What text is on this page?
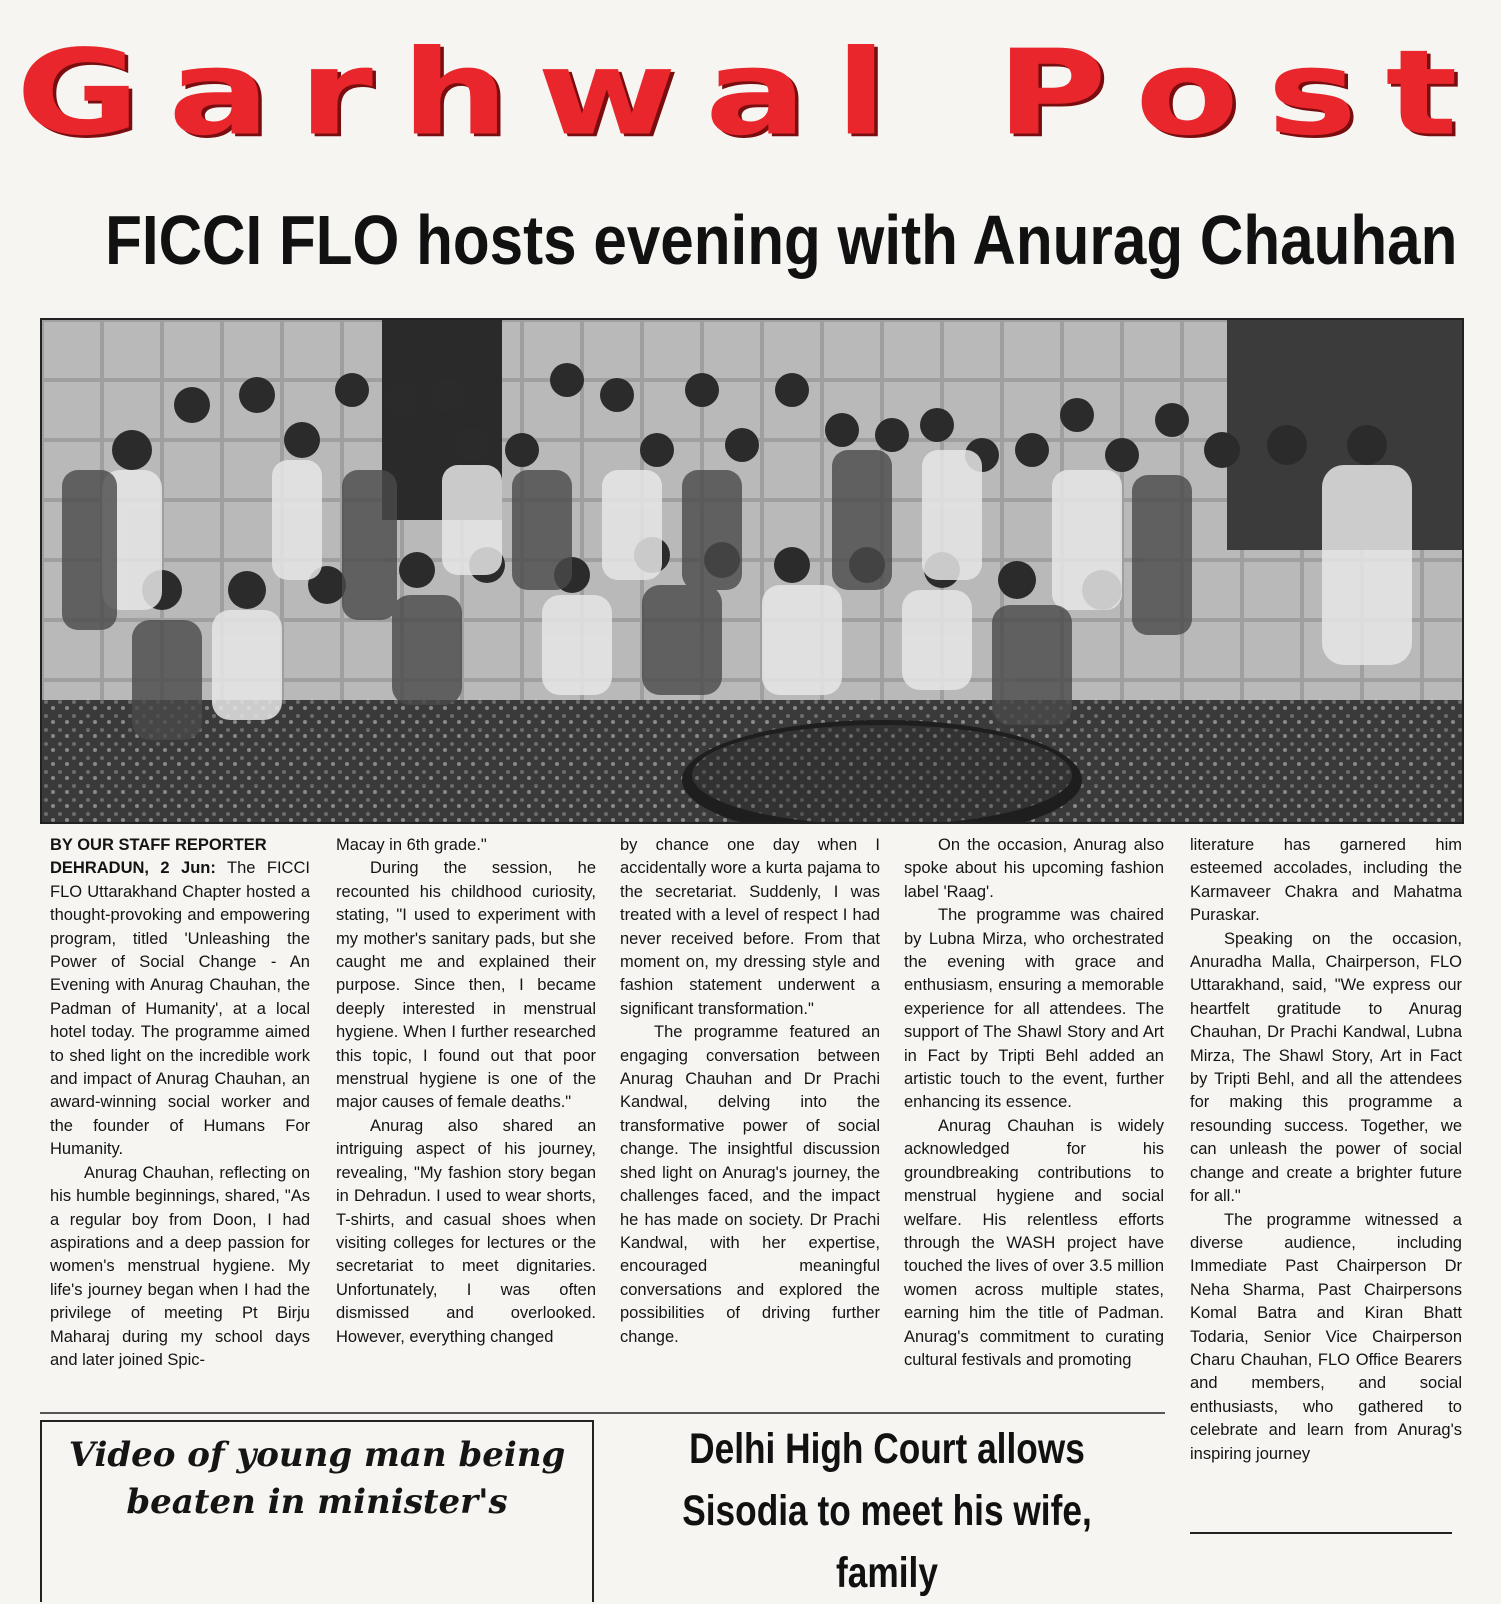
Garhwal Post
FICCI FLO hosts evening with Anurag Chauhan

BY OUR STAFF REPORTER
DEHRADUN, 2 Jun: The FICCI FLO Uttarakhand Chapter hosted a thought-provoking and empowering program, titled 'Unleashing the Power of Social Change - An Evening with Anurag Chauhan, the Padman of Humanity', at a local hotel today. The programme aimed to shed light on the incredible work and impact of Anurag Chauhan, an award-winning social worker and the founder of Humans For Humanity.

Anurag Chauhan, reflecting on his humble beginnings, shared, "As a regular boy from Doon, I had aspirations and a deep passion for women's menstrual hygiene. My life's journey began when I had the privilege of meeting Pt Birju Maharaj during my school days and later joined Spic-

Macay in 6th grade."

During the session, he recounted his childhood curiosity, stating, "I used to experiment with my mother's sanitary pads, but she caught me and explained their purpose. Since then, I became deeply interested in menstrual hygiene. When I further researched this topic, I found out that poor menstrual hygiene is one of the major causes of female deaths."

Anurag also shared an intriguing aspect of his journey, revealing, "My fashion story began in Dehradun. I used to wear shorts, T-shirts, and casual shoes when visiting colleges for lectures or the secretariat to meet dignitaries. Unfortunately, I was often dismissed and overlooked. However, everything changed

by chance one day when I accidentally wore a kurta pajama to the secretariat. Suddenly, I was treated with a level of respect I had never received before. From that moment on, my dressing style and fashion statement underwent a significant transformation."

The programme featured an engaging conversation between Anurag Chauhan and Dr Prachi Kandwal, delving into the transformative power of social change. The insightful discussion shed light on Anurag's journey, the challenges faced, and the impact he has made on society. Dr Prachi Kandwal, with her expertise, encouraged meaningful conversations and explored the possibilities of driving further change.

On the occasion, Anurag also spoke about his upcoming fashion label 'Raag'.

The programme was chaired by Lubna Mirza, who orchestrated the evening with grace and enthusiasm, ensuring a memorable experience for all attendees. The support of The Shawl Story and Art in Fact by Tripti Behl added an artistic touch to the event, further enhancing its essence.

Anurag Chauhan is widely acknowledged for his groundbreaking contributions to menstrual hygiene and social welfare. His relentless efforts through the WASH project have touched the lives of over 3.5 million women across multiple states, earning him the title of Padman. Anurag's commitment to curating cultural festivals and promoting

literature has garnered him esteemed accolades, including the Karmaveer Chakra and Mahatma Puraskar.

Speaking on the occasion, Anuradha Malla, Chairperson, FLO Uttarakhand, said, "We express our heartfelt gratitude to Anurag Chauhan, Dr Prachi Kandwal, Lubna Mirza, The Shawl Story, Art in Fact by Tripti Behl, and all the attendees for making this programme a resounding success. Together, we can unleash the power of social change and create a brighter future for all."

The programme witnessed a diverse audience, including Immediate Past Chairperson Dr Neha Sharma, Past Chairpersons Komal Batra and Kiran Bhatt Todaria, Senior Vice Chairperson Charu Chauhan, FLO Office Bearers and members, and social enthusiasts, who gathered to celebrate and learn from Anurag's inspiring journey

Video of young man being beaten in minister's
Delhi High Court allows Sisodia to meet his wife, family
